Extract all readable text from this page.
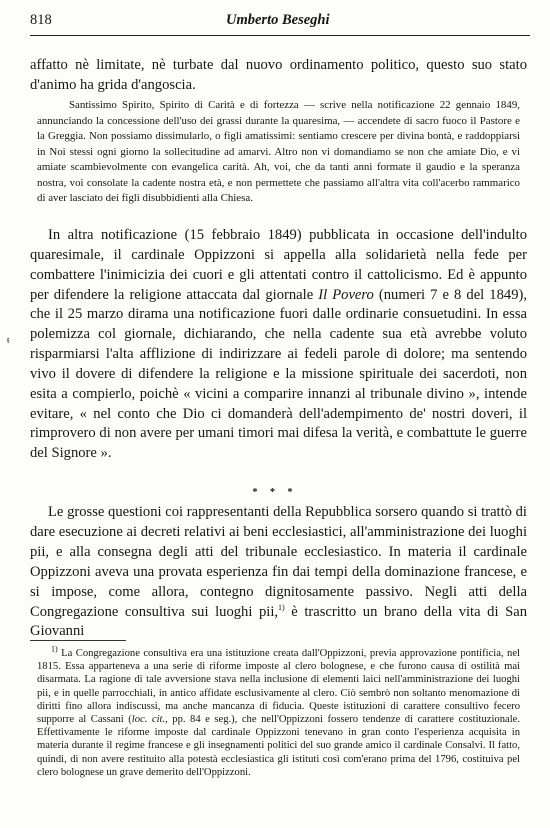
818	Umberto Beseghi

affatto nè limitate, nè turbate dal nuovo ordinamento politico, questo suo stato d'animo ha grida d'angoscia.

Santissimo Spirito, Spirito di Carità e di fortezza — scrive nella notificazione 22 gennaio 1849, annunciando la concessione dell'uso dei grassi durante la quaresima, — accendete di sacro fuoco il Pastore e la Greggia. Non possiamo dissimularlo, o figli amatissimi: sentiamo crescere per divina bontà, e raddoppiarsi in Noi stessi ogni giorno la sollecitudine ad amarvi. Altro non vi domandiamo se non che amiate Dio, e vi amiate scambievolmente con evangelica carità. Ah, voi, che da tanti anni formate il gaudio e la speranza nostra, voi consolate la cadente nostra età, e non permettete che passiamo all'altra vita coll'acerbo rammarico di aver lasciato dei figli disubbidienti alla Chiesa.

In altra notificazione (15 febbraio 1849) pubblicata in occasione dell'indulto quaresimale, il cardinale Oppizzoni si appella alla solidarietà nella fede per combattere l'inimicizia dei cuori e gli attentati contro il cattolicismo. Ed è appunto per difendere la religione attaccata dal giornale Il Povero (numeri 7 e 8 del 1849), che il 25 marzo dirama una notificazione fuori dalle ordinarie consuetudini. In essa polemizza col giornale, dichiarando, che nella cadente sua età avrebbe voluto risparmiarsi l'alta afflizione di indirizzare ai fedeli parole di dolore; ma sentendo vivo il dovere di difendere la religione e la missione spirituale dei sacerdoti, non esita a compierlo, poichè « vicini a comparire innanzi al tribunale divino », intende evitare, « nel conto che Dio ci domanderà dell'adempimento de' nostri doveri, il rimprovero di non avere per umani timori mai difesa la verità, e combattute le guerre del Signore ».

ŧ
* * *

Le grosse questioni coi rappresentanti della Repubblica sorsero quando si trattò di dare esecuzione ai decreti relativi ai beni ecclesiastici, all'amministrazione dei luoghi pii, e alla consegna degli atti del tribunale ecclesiastico. In materia il cardinale Oppizzoni aveva una provata esperienza fin dai tempi della dominazione francese, e si impose, come allora, contegno dignitosamente passivo. Negli atti della Congregazione consultiva sui luoghi pii,$^{1)}$ è trascritto un brano della vita di San Giovanni

$^{1)}$ La Congregazione consultiva era una istituzione creata dall'Oppizzoni, previa approvazione pontificia, nel 1815. Essa apparteneva a una serie di riforme imposte al clero bolognese, e che furono causa di ostilità mai disarmata. La ragione di tale avversione stava nella inclusione di elementi laici nell'amministrazione dei luoghi pii, e in quelle parrocchiali, in antico affidate esclusivamente al clero. Ciò sembrò non soltanto menomazione di diritti fino allora indiscussi, ma anche mancanza di fiducia. Queste istituzioni di carattere consultivo fecero supporre al Cassani (loc. cit., pp. 84 e seg.), che nell'Oppizzoni fossero tendenze di carattere costituzionale. Effettivamente le riforme imposte dal cardinale Oppizzoni tenevano in gran conto l'esperienza acquisita in materia durante il regime francese e gli insegnamenti politici del suo grande amico il cardinale Consalvi. Il fatto, quindi, di non avere restituito alla potestà ecclesiastica gli istituti così com'erano prima del 1796, costituiva pel clero bolognese un grave demerito dell'Oppizzoni.
